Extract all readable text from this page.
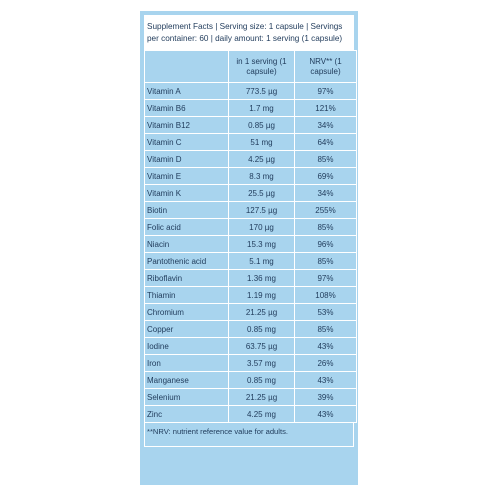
Supplement Facts | Serving size: 1 capsule | Servings per container: 60 | daily amount: 1 serving (1 capsule)
	in 1 serving (1 capsule)	NRV** (1 capsule)
Vitamin A	773.5 µg	97%
Vitamin B6	1.7 mg	121%
Vitamin B12	0.85 µg	34%
Vitamin C	51 mg	64%
Vitamin D	4.25 µg	85%
Vitamin E	8.3 mg	69%
Vitamin K	25.5 µg	34%
Biotin	127.5 µg	255%
Folic acid	170 µg	85%
Niacin	15.3 mg	96%
Pantothenic acid	5.1 mg	85%
Riboflavin	1.36 mg	97%
Thiamin	1.19 mg	108%
Chromium	21.25 µg	53%
Copper	0.85 mg	85%
Iodine	63.75 µg	43%
Iron	3.57 mg	26%
Manganese	0.85 mg	43%
Selenium	21.25 µg	39%
Zinc	4.25 mg	43%
**NRV: nutrient reference value for adults.
